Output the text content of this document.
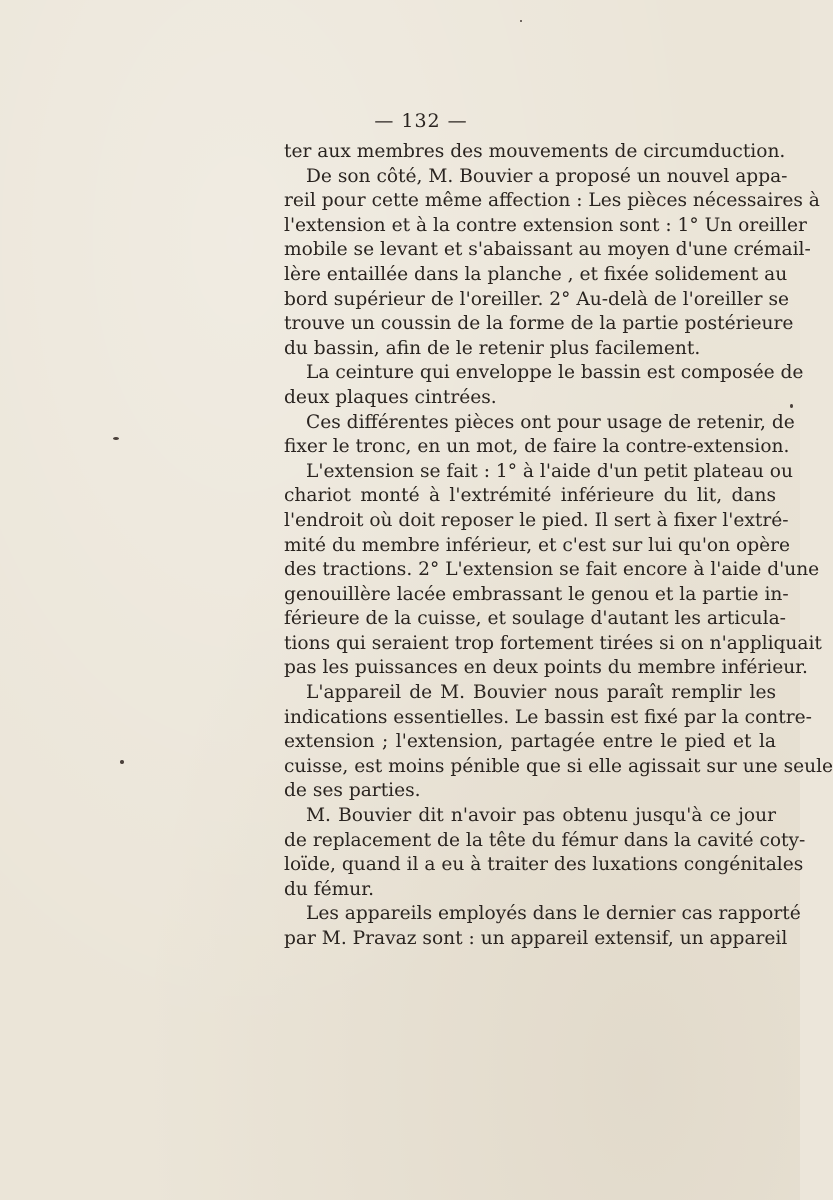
— 132 —
ter aux membres des mouvements de circumduction.
De son côté, M. Bouvier a proposé un nouvel appa-
reil pour cette même affection : Les pièces nécessaires à
l'extension et à la contre extension sont : 1° Un oreiller
mobile se levant et s'abaissant au moyen d'une crémail-
lère entaillée dans la planche , et fixée solidement au
bord supérieur de l'oreiller. 2° Au-delà de l'oreiller se
trouve un coussin de la forme de la partie postérieure
du bassin, afin de le retenir plus facilement.
La ceinture qui enveloppe le bassin est composée de
deux plaques cintrées.
Ces différentes pièces ont pour usage de retenir, de
fixer le tronc, en un mot, de faire la contre-extension.
L'extension se fait : 1° à l'aide d'un petit plateau ou
chariot monté à l'extrémité inférieure du lit, dans
l'endroit où doit reposer le pied. Il sert à fixer l'extré-
mité du membre inférieur, et c'est sur lui qu'on opère
des tractions. 2° L'extension se fait encore à l'aide d'une
genouillère lacée embrassant le genou et la partie in-
férieure de la cuisse, et soulage d'autant les articula-
tions qui seraient trop fortement tirées si on n'appliquait
pas les puissances en deux points du membre inférieur.
L'appareil de M. Bouvier nous paraît remplir les
indications essentielles. Le bassin est fixé par la contre-
extension ; l'extension, partagée entre le pied et la
cuisse, est moins pénible que si elle agissait sur une seule
de ses parties.
M. Bouvier dit n'avoir pas obtenu jusqu'à ce jour
de replacement de la tête du fémur dans la cavité coty-
loïde, quand il a eu à traiter des luxations congénitales
du fémur.
Les appareils employés dans le dernier cas rapporté
par M. Pravaz sont : un appareil extensif, un appareil
